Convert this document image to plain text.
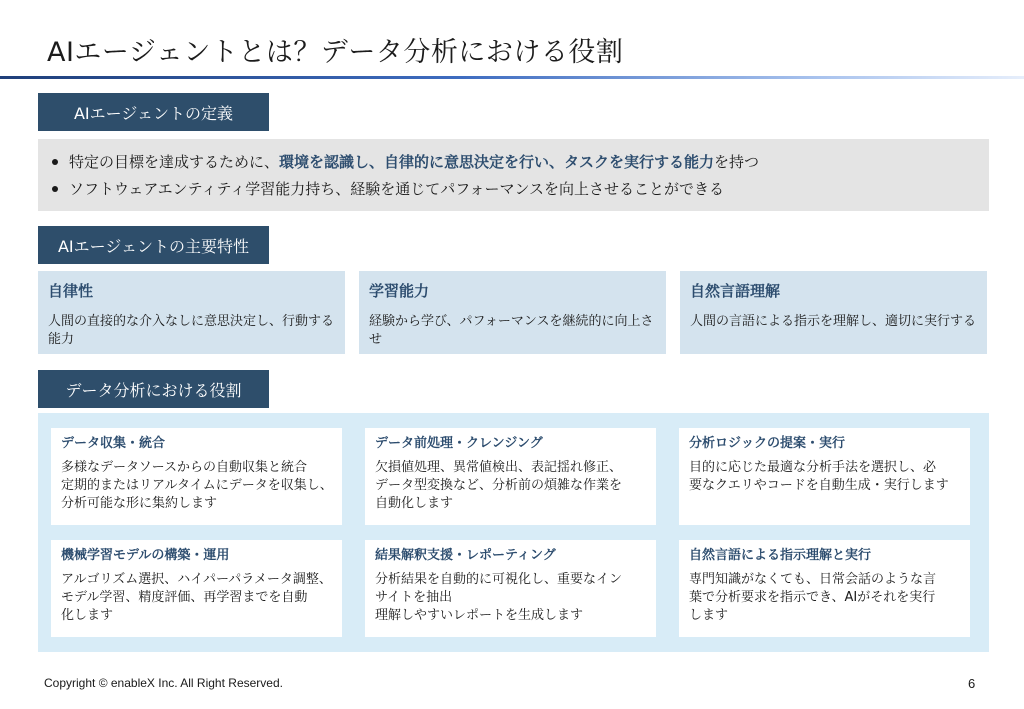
AIエージェントとは？データ分析における役割
AIエージェントの定義
特定の目標を達成するために、 環境を認識し、自律的に意思決定を行い、タスクを実行する能力 を持つ
ソフトウェアエンティティ学習能力持ち、経験を通じてパフォーマンスを向上させることができる
AIエージェントの主要特性
自律性
人間の直接的な介入なしに意思決定し、行動する能力
学習能力
経験から学び、パフォーマンスを継続的に向上させ
自然言語理解
人間の言語による指示を理解し、適切に実行する
データ分析における役割
データ収集・統合
多様なデータソースからの自動収集と統合
定期的またはリアルタイムにデータを収集し、
分析可能な形に集約します
データ前処理・クレンジング
欠損値処理、異常値検出、表記揺れ修正、
データ型変換など、分析前の煩雑な作業を
自動化します
分析ロジックの提案・実行
目的に応じた最適な分析手法を選択し、必
要なクエリやコードを自動生成・実行します
機械学習モデルの構築・運用
アルゴリズム選択、ハイパーパラメータ調整、
モデル学習、精度評価、再学習までを自動
化します
結果解釈支援・レポーティング
分析結果を自動的に可視化し、重要なイン
サイトを抽出
理解しやすいレポートを生成します
自然言語による指示理解と実行
専門知識がなくても、日常会話のような言
葉で分析要求を指示でき、AIがそれを実行
します
Copyright © enableX Inc. All Right Reserved.	6
